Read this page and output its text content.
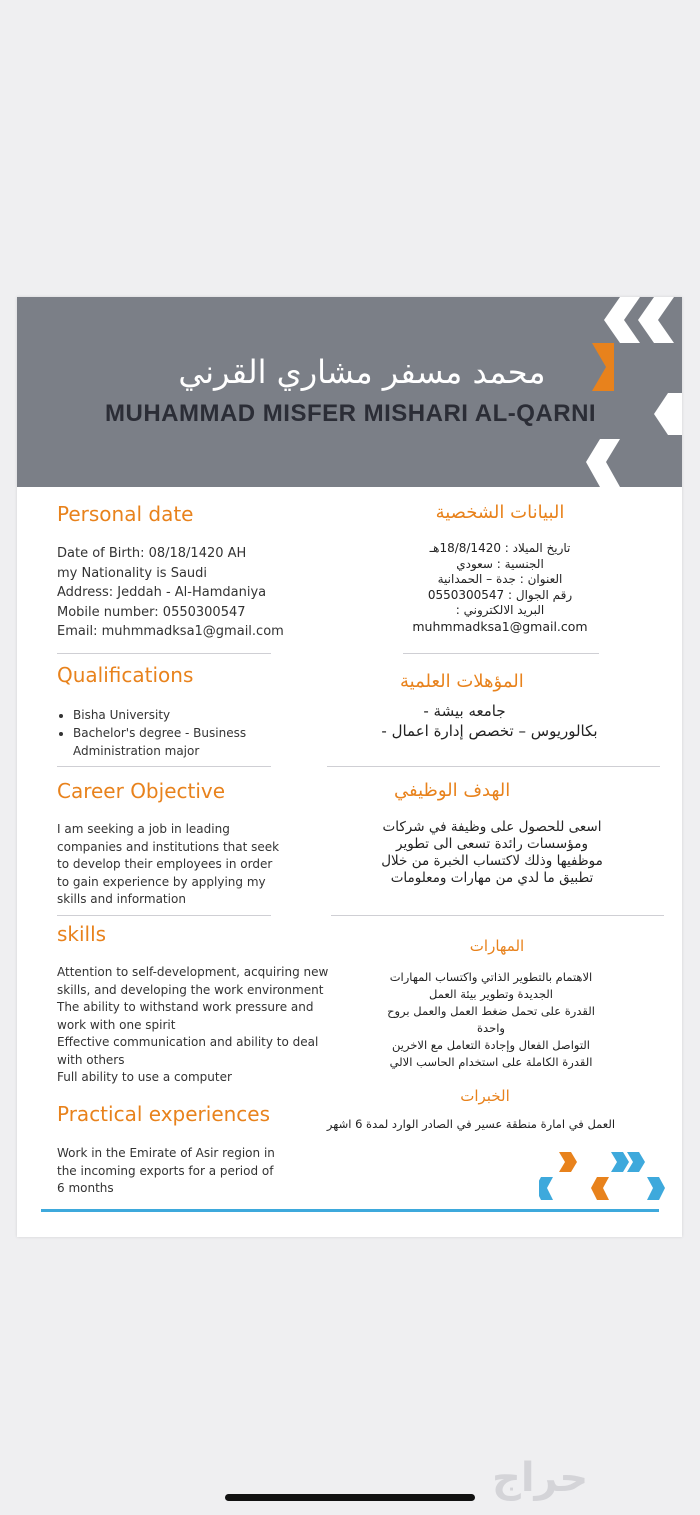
محمد مسفر مشاري القرني
MUHAMMAD MISFER MISHARI AL-QARNI
Personal date
Date of Birth: 08/18/1420 AH
my Nationality is Saudi
Address: Jeddah - Al-Hamdaniya
Mobile number: 0550300547
Email: muhmmadksa1@gmail.com
البيانات الشخصية
تاريخ الميلاد : 18/8/1420هـ
الجنسية : سعودي
العنوان : جدة – الحمدانية
رقم الجوال : 0550300547
البريد الالكتروني :
muhmmadksa1@gmail.com
Qualifications
• Bisha University
• Bachelor's degree - Business Administration major
المؤهلات العلمية
جامعه بيشة -
بكالوريوس – تخصص إدارة اعمال -
Career Objective
I am seeking a job in leading
companies and institutions that seek
to develop their employees in order
to gain experience by applying my
skills and information
الهدف الوظيفي
اسعى للحصول على وظيفة في شركات
ومؤسسات رائدة تسعى الى تطوير
موظفيها وذلك لاكتساب الخبرة من خلال
تطبيق ما لدي من مهارات ومعلومات
skills
Attention to self-development, acquiring new
skills, and developing the work environment
The ability to withstand work pressure and
work with one spirit
Effective communication and ability to deal
with others
Full ability to use a computer
المهارات
الاهتمام بالتطوير الذاتي واكتساب المهارات
الجديدة وتطوير بيئة العمل
القدرة على تحمل ضغط العمل والعمل بروح
واحدة
التواصل الفعال وإجادة التعامل مع الاخرين
القدرة الكاملة على استخدام الحاسب الالي
Practical experiences
Work in the Emirate of Asir region in
the incoming exports for a period of
6 months
الخبرات
العمل في امارة منطقة عسير في الصادر الوارد لمدة 6 اشهر
حراج
